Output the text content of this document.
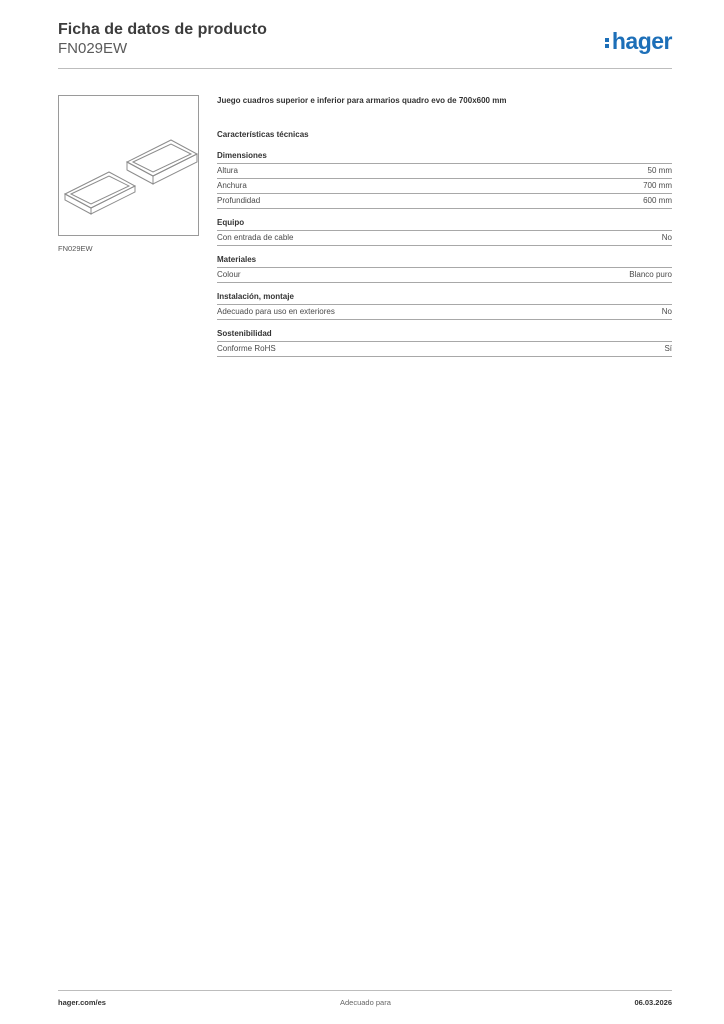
Ficha de datos de producto
FN029EW	hager
FN029EW

Juego cuadros superior e inferior para armarios quadro evo de 700x600 mm

Características técnicas

Dimensiones
Altura	50 mm
Anchura	700 mm
Profundidad	600 mm
Equipo
Con entrada de cable	No
Materiales
Colour	Blanco puro
Instalación, montaje
Adecuado para uso en exteriores	No
Sostenibilidad
Conforme RoHS	Sí
hager.com/es	Adecuado para	06.03.2026
